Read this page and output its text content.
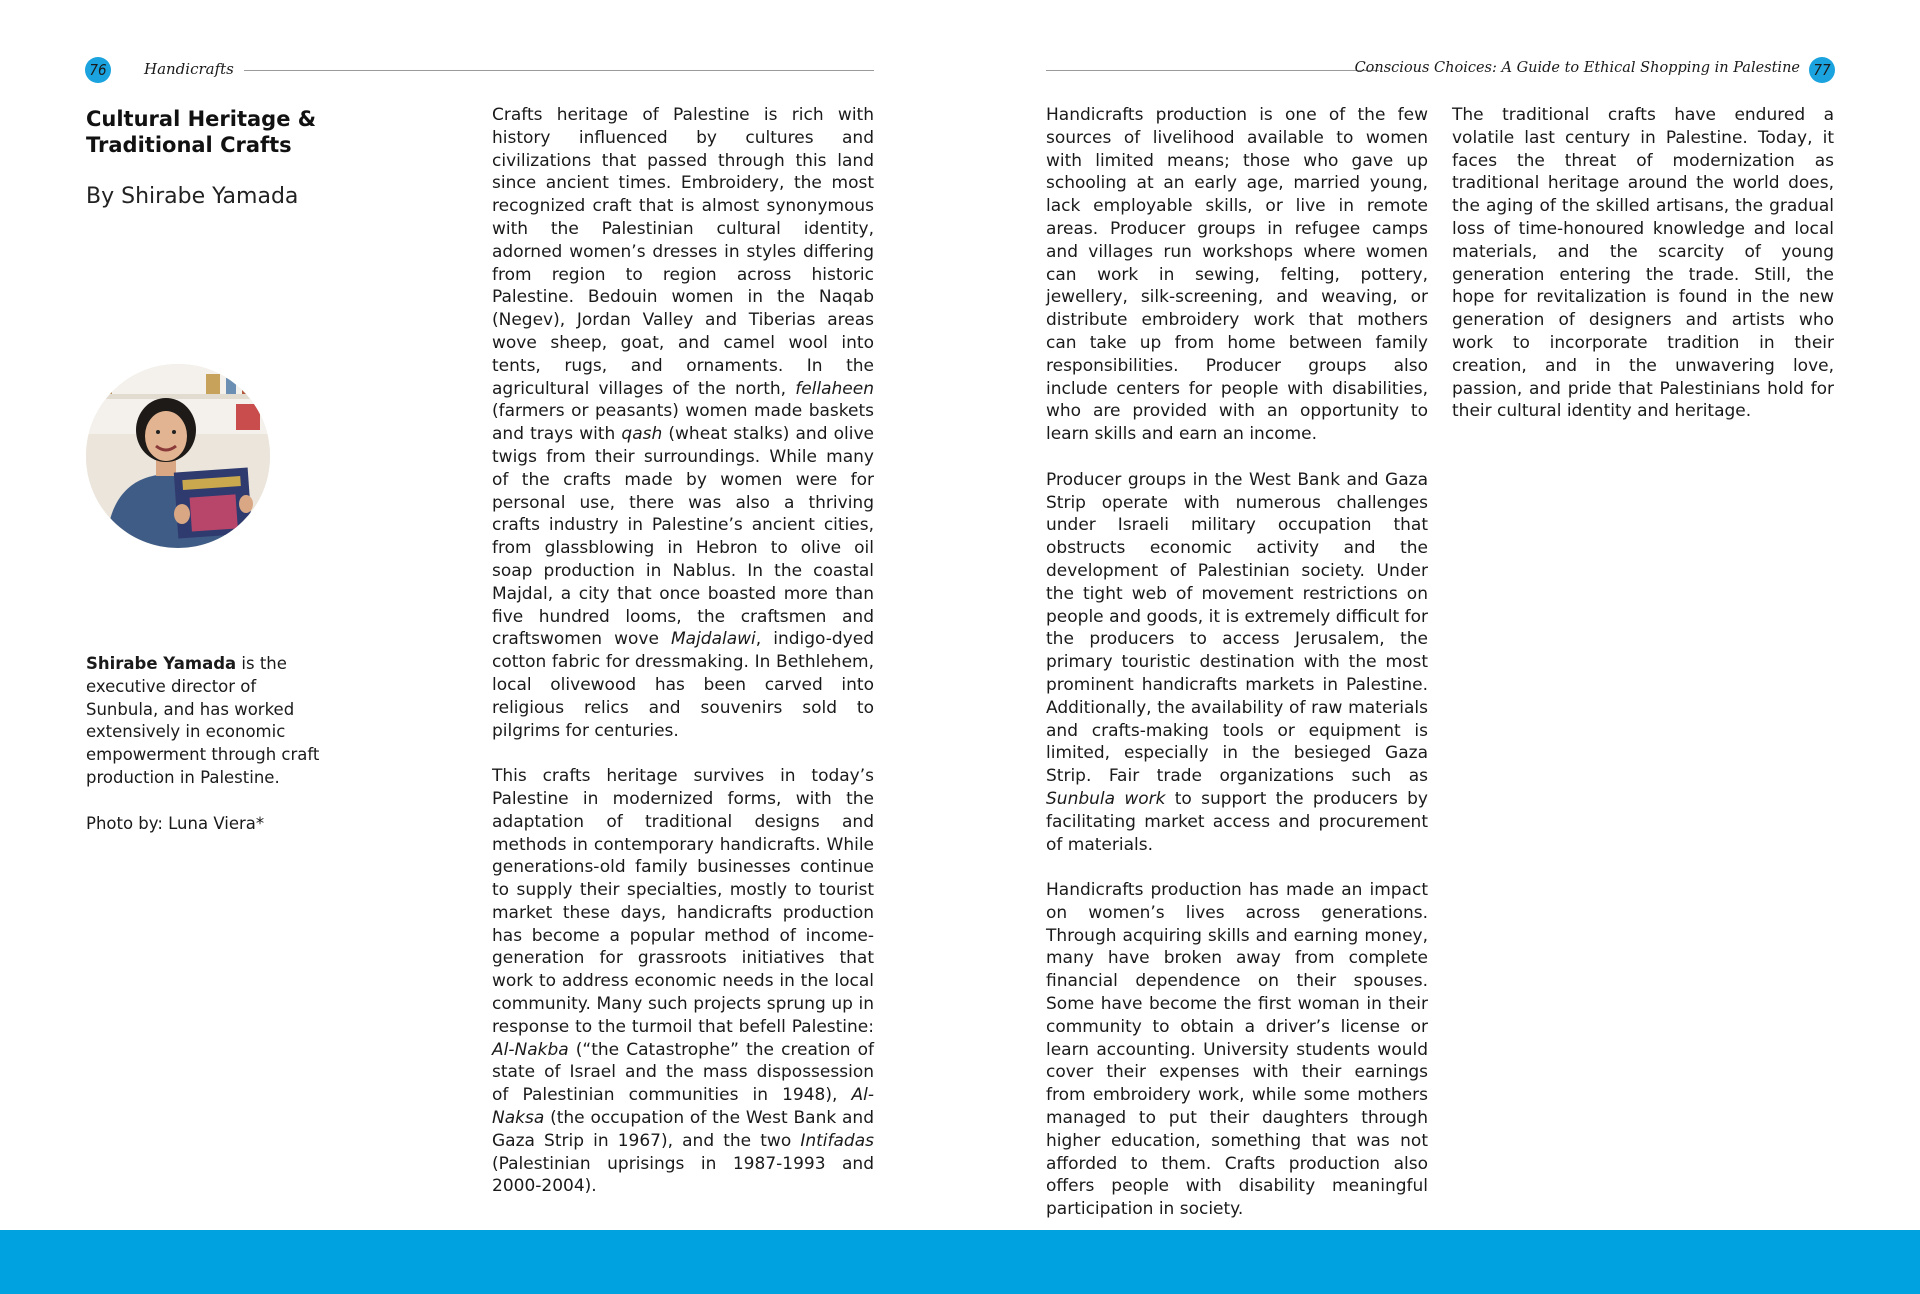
76 Handicrafts	Conscious Choices: A Guide to Ethical Shopping in Palestine 77
Cultural Heritage &
Traditional Crafts
By Shirabe Yamada
Shirabe Yamada is the executive director of Sunbula, and has worked extensively in economic empowerment through craft production in Palestine.
Photo by: Luna Viera*

Crafts heritage of Palestine is rich with history influenced by cultures and civilizations that passed through this land since ancient times. Embroidery, the most recognized craft that is almost synonymous with the Palestinian cultural identity, adorned women’s dresses in styles differing from region to region across historic Palestine. Bedouin women in the Naqab (Negev), Jordan Valley and Tiberias areas wove sheep, goat, and camel wool into tents, rugs, and ornaments. In the agricultural villages of the north, fellaheen (farmers or peasants) women made baskets and trays with qash (wheat stalks) and olive twigs from their surroundings. While many of the crafts made by women were for personal use, there was also a thriving crafts industry in Palestine’s ancient cities, from glassblowing in Hebron to olive oil soap production in Nablus. In the coastal Majdal, a city that once boasted more than five hundred looms, the craftsmen and craftswomen wove Majdalawi, indigo-dyed cotton fabric for dressmaking. In Bethlehem, local olivewood has been carved into religious relics and souvenirs sold to pilgrims for centuries.

This crafts heritage survives in today’s Palestine in modernized forms, with the adaptation of traditional designs and methods in contemporary handicrafts. While generations-old family businesses continue to supply their specialties, mostly to tourist market these days, handicrafts production has become a popular method of income-generation for grassroots initiatives that work to address economic needs in the local community. Many such projects sprung up in response to the turmoil that befell Palestine: Al-Nakba (“the Catastrophe” the creation of state of Israel and the mass dispossession of Palestinian communities in 1948), Al-Naksa (the occupation of the West Bank and Gaza Strip in 1967), and the two Intifadas (Palestinian uprisings in 1987-1993 and 2000-2004).

Handicrafts production is one of the few sources of livelihood available to women with limited means; those who gave up schooling at an early age, married young, lack employable skills, or live in remote areas. Producer groups in refugee camps and villages run workshops where women can work in sewing, felting, pottery, jewellery, silk-screening, and weaving, or distribute embroidery work that mothers can take up from home between family responsibilities. Producer groups also include centers for people with disabilities, who are provided with an opportunity to learn skills and earn an income.

Producer groups in the West Bank and Gaza Strip operate with numerous challenges under Israeli military occupation that obstructs economic activity and the development of Palestinian society. Under the tight web of movement restrictions on people and goods, it is extremely difficult for the producers to access Jerusalem, the primary touristic destination with the most prominent handicrafts markets in Palestine. Additionally, the availability of raw materials and crafts-making tools or equipment is limited, especially in the besieged Gaza Strip. Fair trade organizations such as Sunbula work to support the producers by facilitating market access and procurement of materials.

Handicrafts production has made an impact on women’s lives across generations. Through acquiring skills and earning money, many have broken away from complete financial dependence on their spouses. Some have become the first woman in their community to obtain a driver’s license or learn accounting. University students would cover their expenses with their earnings from embroidery work, while some mothers managed to put their daughters through higher education, something that was not afforded to them. Crafts production also offers people with disability meaningful participation in society.

The traditional crafts have endured a volatile last century in Palestine. Today, it faces the threat of modernization as traditional heritage around the world does, the aging of the skilled artisans, the gradual loss of time-honoured knowledge and local materials, and the scarcity of young generation entering the trade. Still, the hope for revitalization is found in the new generation of designers and artists who work to incorporate tradition in their creation, and in the unwavering love, passion, and pride that Palestinians hold for their cultural identity and heritage.
